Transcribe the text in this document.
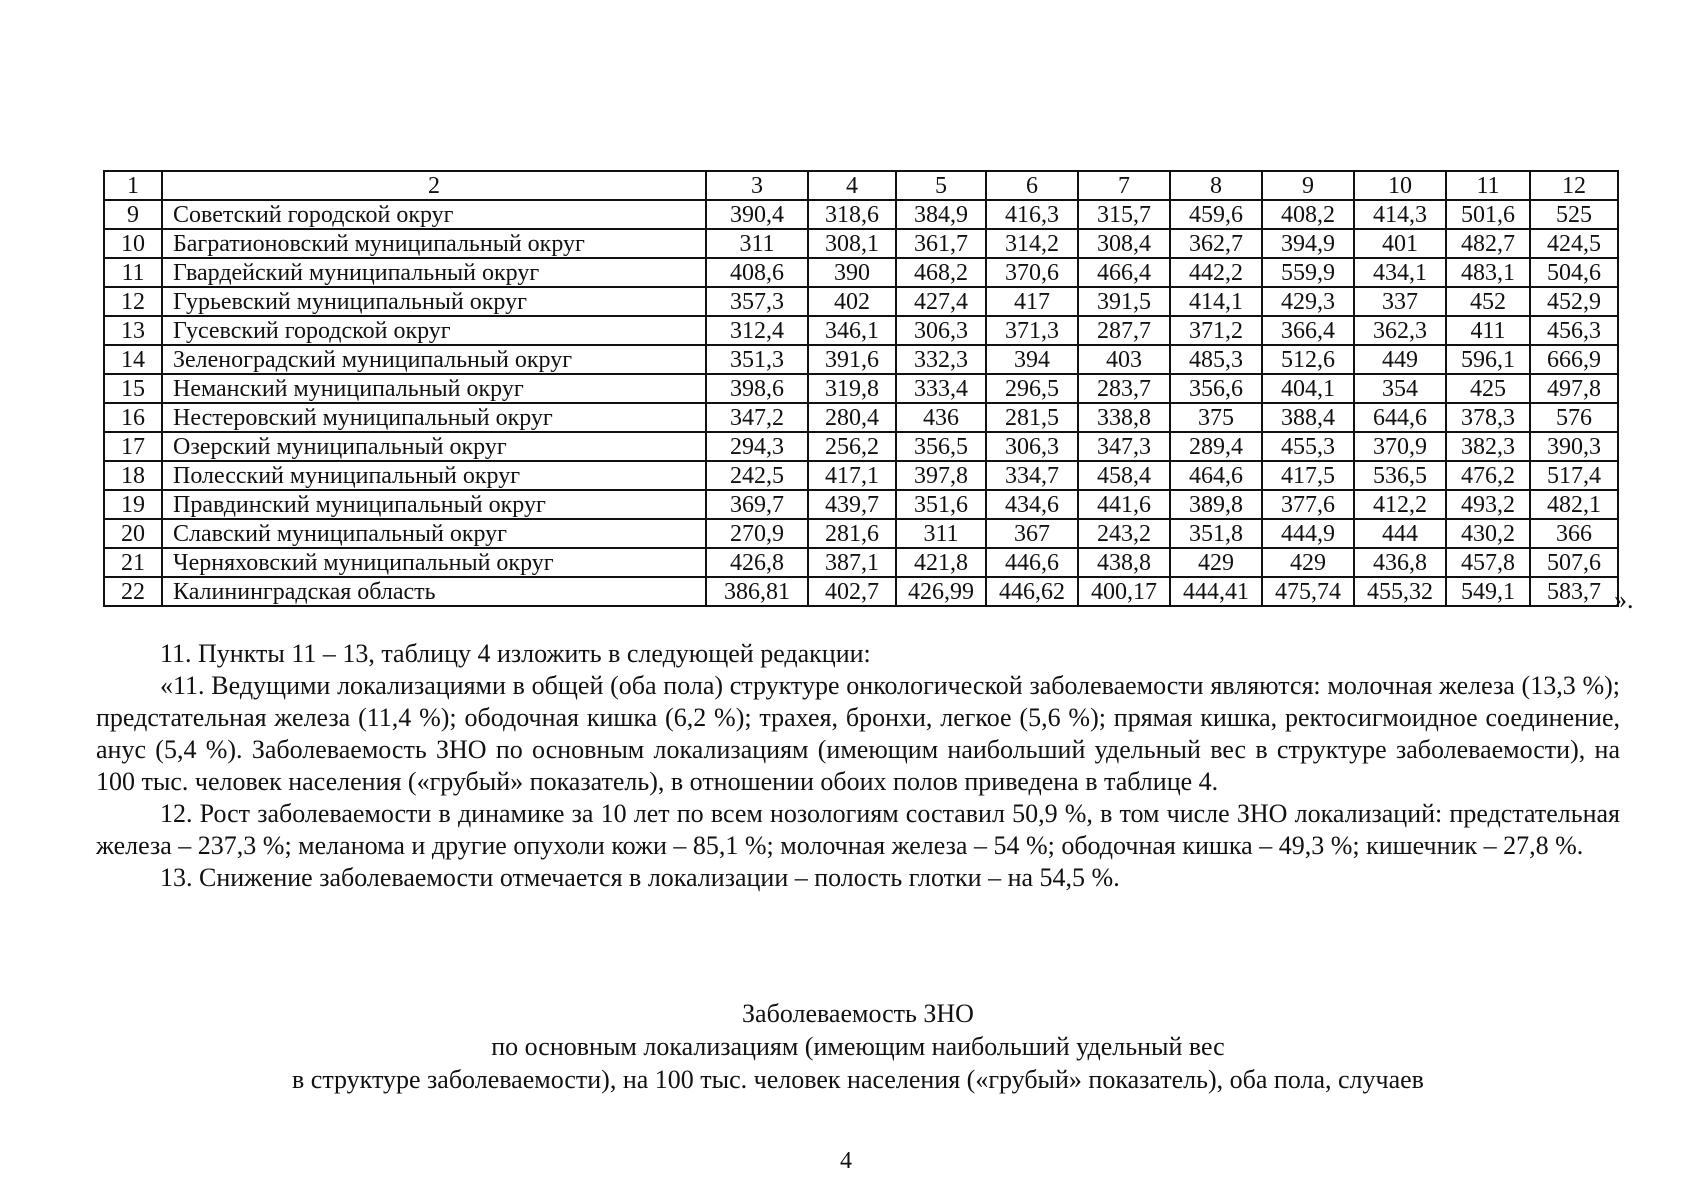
1	2	3	4	5	6	7	8	9	10	11	12
9	Советский городской округ	390,4	318,6	384,9	416,3	315,7	459,6	408,2	414,3	501,6	525
10	Багратионовский муниципальный округ	311	308,1	361,7	314,2	308,4	362,7	394,9	401	482,7	424,5
11	Гвардейский муниципальный округ	408,6	390	468,2	370,6	466,4	442,2	559,9	434,1	483,1	504,6
12	Гурьевский муниципальный округ	357,3	402	427,4	417	391,5	414,1	429,3	337	452	452,9
13	Гусевский городской округ	312,4	346,1	306,3	371,3	287,7	371,2	366,4	362,3	411	456,3
14	Зеленоградский муниципальный округ	351,3	391,6	332,3	394	403	485,3	512,6	449	596,1	666,9
15	Неманский муниципальный округ	398,6	319,8	333,4	296,5	283,7	356,6	404,1	354	425	497,8
16	Нестеровский муниципальный округ	347,2	280,4	436	281,5	338,8	375	388,4	644,6	378,3	576
17	Озерский муниципальный округ	294,3	256,2	356,5	306,3	347,3	289,4	455,3	370,9	382,3	390,3
18	Полесский муниципальный округ	242,5	417,1	397,8	334,7	458,4	464,6	417,5	536,5	476,2	517,4
19	Правдинский муниципальный округ	369,7	439,7	351,6	434,6	441,6	389,8	377,6	412,2	493,2	482,1
20	Славский муниципальный округ	270,9	281,6	311	367	243,2	351,8	444,9	444	430,2	366
21	Черняховский муниципальный округ	426,8	387,1	421,8	446,6	438,8	429	429	436,8	457,8	507,6
22	Калининградская область	386,81	402,7	426,99	446,62	400,17	444,41	475,74	455,32	549,1	583,7 ».

11. Пункты 11 – 13, таблицу 4 изложить в следующей редакции:

«11. Ведущими локализациями в общей (оба пола) структуре онкологической заболеваемости являются: молочная железа (13,3 %); предстательная железа (11,4 %); ободочная кишка (6,2 %); трахея, бронхи, легкое (5,6 %); прямая кишка, ректосигмоидное соединение, анус (5,4 %). Заболеваемость ЗНО по основным локализациям (имеющим наибольший удельный вес в структуре заболеваемости), на 100 тыс. человек населения («грубый» показатель), в отношении обоих полов приведена в таблице 4.

12. Рост заболеваемости в динамике за 10 лет по всем нозологиям составил 50,9 %, в том числе ЗНО локализаций: предстательная железа – 237,3 %; меланома и другие опухоли кожи – 85,1 %; молочная железа – 54 %; ободочная кишка – 49,3 %; кишечник – 27,8 %.

13. Снижение заболеваемости отмечается в локализации – полость глотки – на 54,5 %.

Заболеваемость ЗНО
по основным локализациям (имеющим наибольший удельный вес
в структуре заболеваемости), на 100 тыс. человек населения («грубый» показатель), оба пола, случаев
4
